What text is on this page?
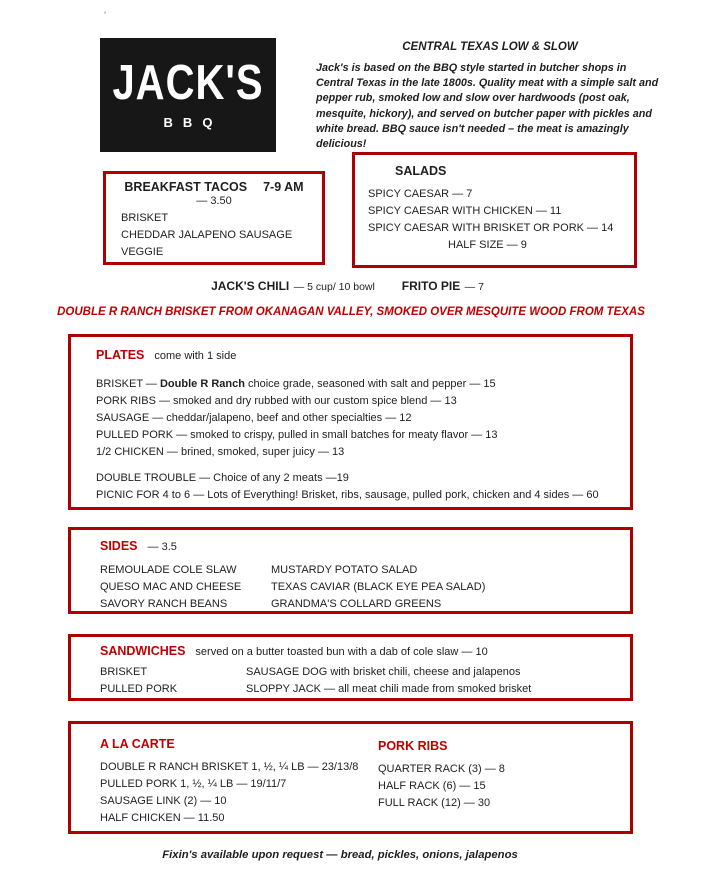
'
JACK'S
BBQ
CENTRAL TEXAS LOW & SLOW
Jack's is based on the BBQ style started in butcher shops in Central Texas in the late 1800s. Quality meat with a simple salt and pepper rub, smoked low and slow over hardwoods (post oak, mesquite, hickory), and served on butcher paper with pickles and white bread. BBQ sauce isn't needed – the meat is amazingly delicious!
BREAKFAST TACOS 7-9 AM
— 3.50
BRISKET
CHEDDAR JALAPENO SAUSAGE
VEGGIE
SALADS
SPICY CAESAR — 7
SPICY CAESAR WITH CHICKEN — 11
SPICY CAESAR WITH BRISKET OR PORK — 14
HALF SIZE — 9
JACK'S CHILI — 5 cup/ 10 bowl FRITO PIE — 7
DOUBLE R RANCH BRISKET FROM OKANAGAN VALLEY, SMOKED OVER MESQUITE WOOD FROM TEXAS
PLATES come with 1 side
BRISKET — Double R Ranch choice grade, seasoned with salt and pepper — 15
PORK RIBS — smoked and dry rubbed with our custom spice blend — 13
SAUSAGE — cheddar/jalapeno, beef and other specialties — 12
PULLED PORK — smoked to crispy, pulled in small batches for meaty flavor — 13
1/2 CHICKEN — brined, smoked, super juicy — 13
DOUBLE TROUBLE — Choice of any 2 meats —19
PICNIC FOR 4 to 6 — Lots of Everything! Brisket, ribs, sausage, pulled pork, chicken and 4 sides — 60
SIDES — 3.5
REMOULADE COLE SLAW
QUESO MAC AND CHEESE
SAVORY RANCH BEANS
MUSTARDY POTATO SALAD
TEXAS CAVIAR (BLACK EYE PEA SALAD)
GRANDMA'S COLLARD GREENS
SANDWICHES served on a butter toasted bun with a dab of cole slaw — 10
BRISKET
PULLED PORK
SAUSAGE DOG with brisket chili, cheese and jalapenos
SLOPPY JACK — all meat chili made from smoked brisket
A LA CARTE
DOUBLE R RANCH BRISKET 1, ½, ¼ LB — 23/13/8
PULLED PORK 1, ½, ¼ LB — 19/11/7
SAUSAGE LINK (2) — 10
HALF CHICKEN — 11.50
PORK RIBS
QUARTER RACK (3) — 8
HALF RACK (6) — 15
FULL RACK (12) — 30
Fixin's available upon request — bread, pickles, onions, jalapenos
